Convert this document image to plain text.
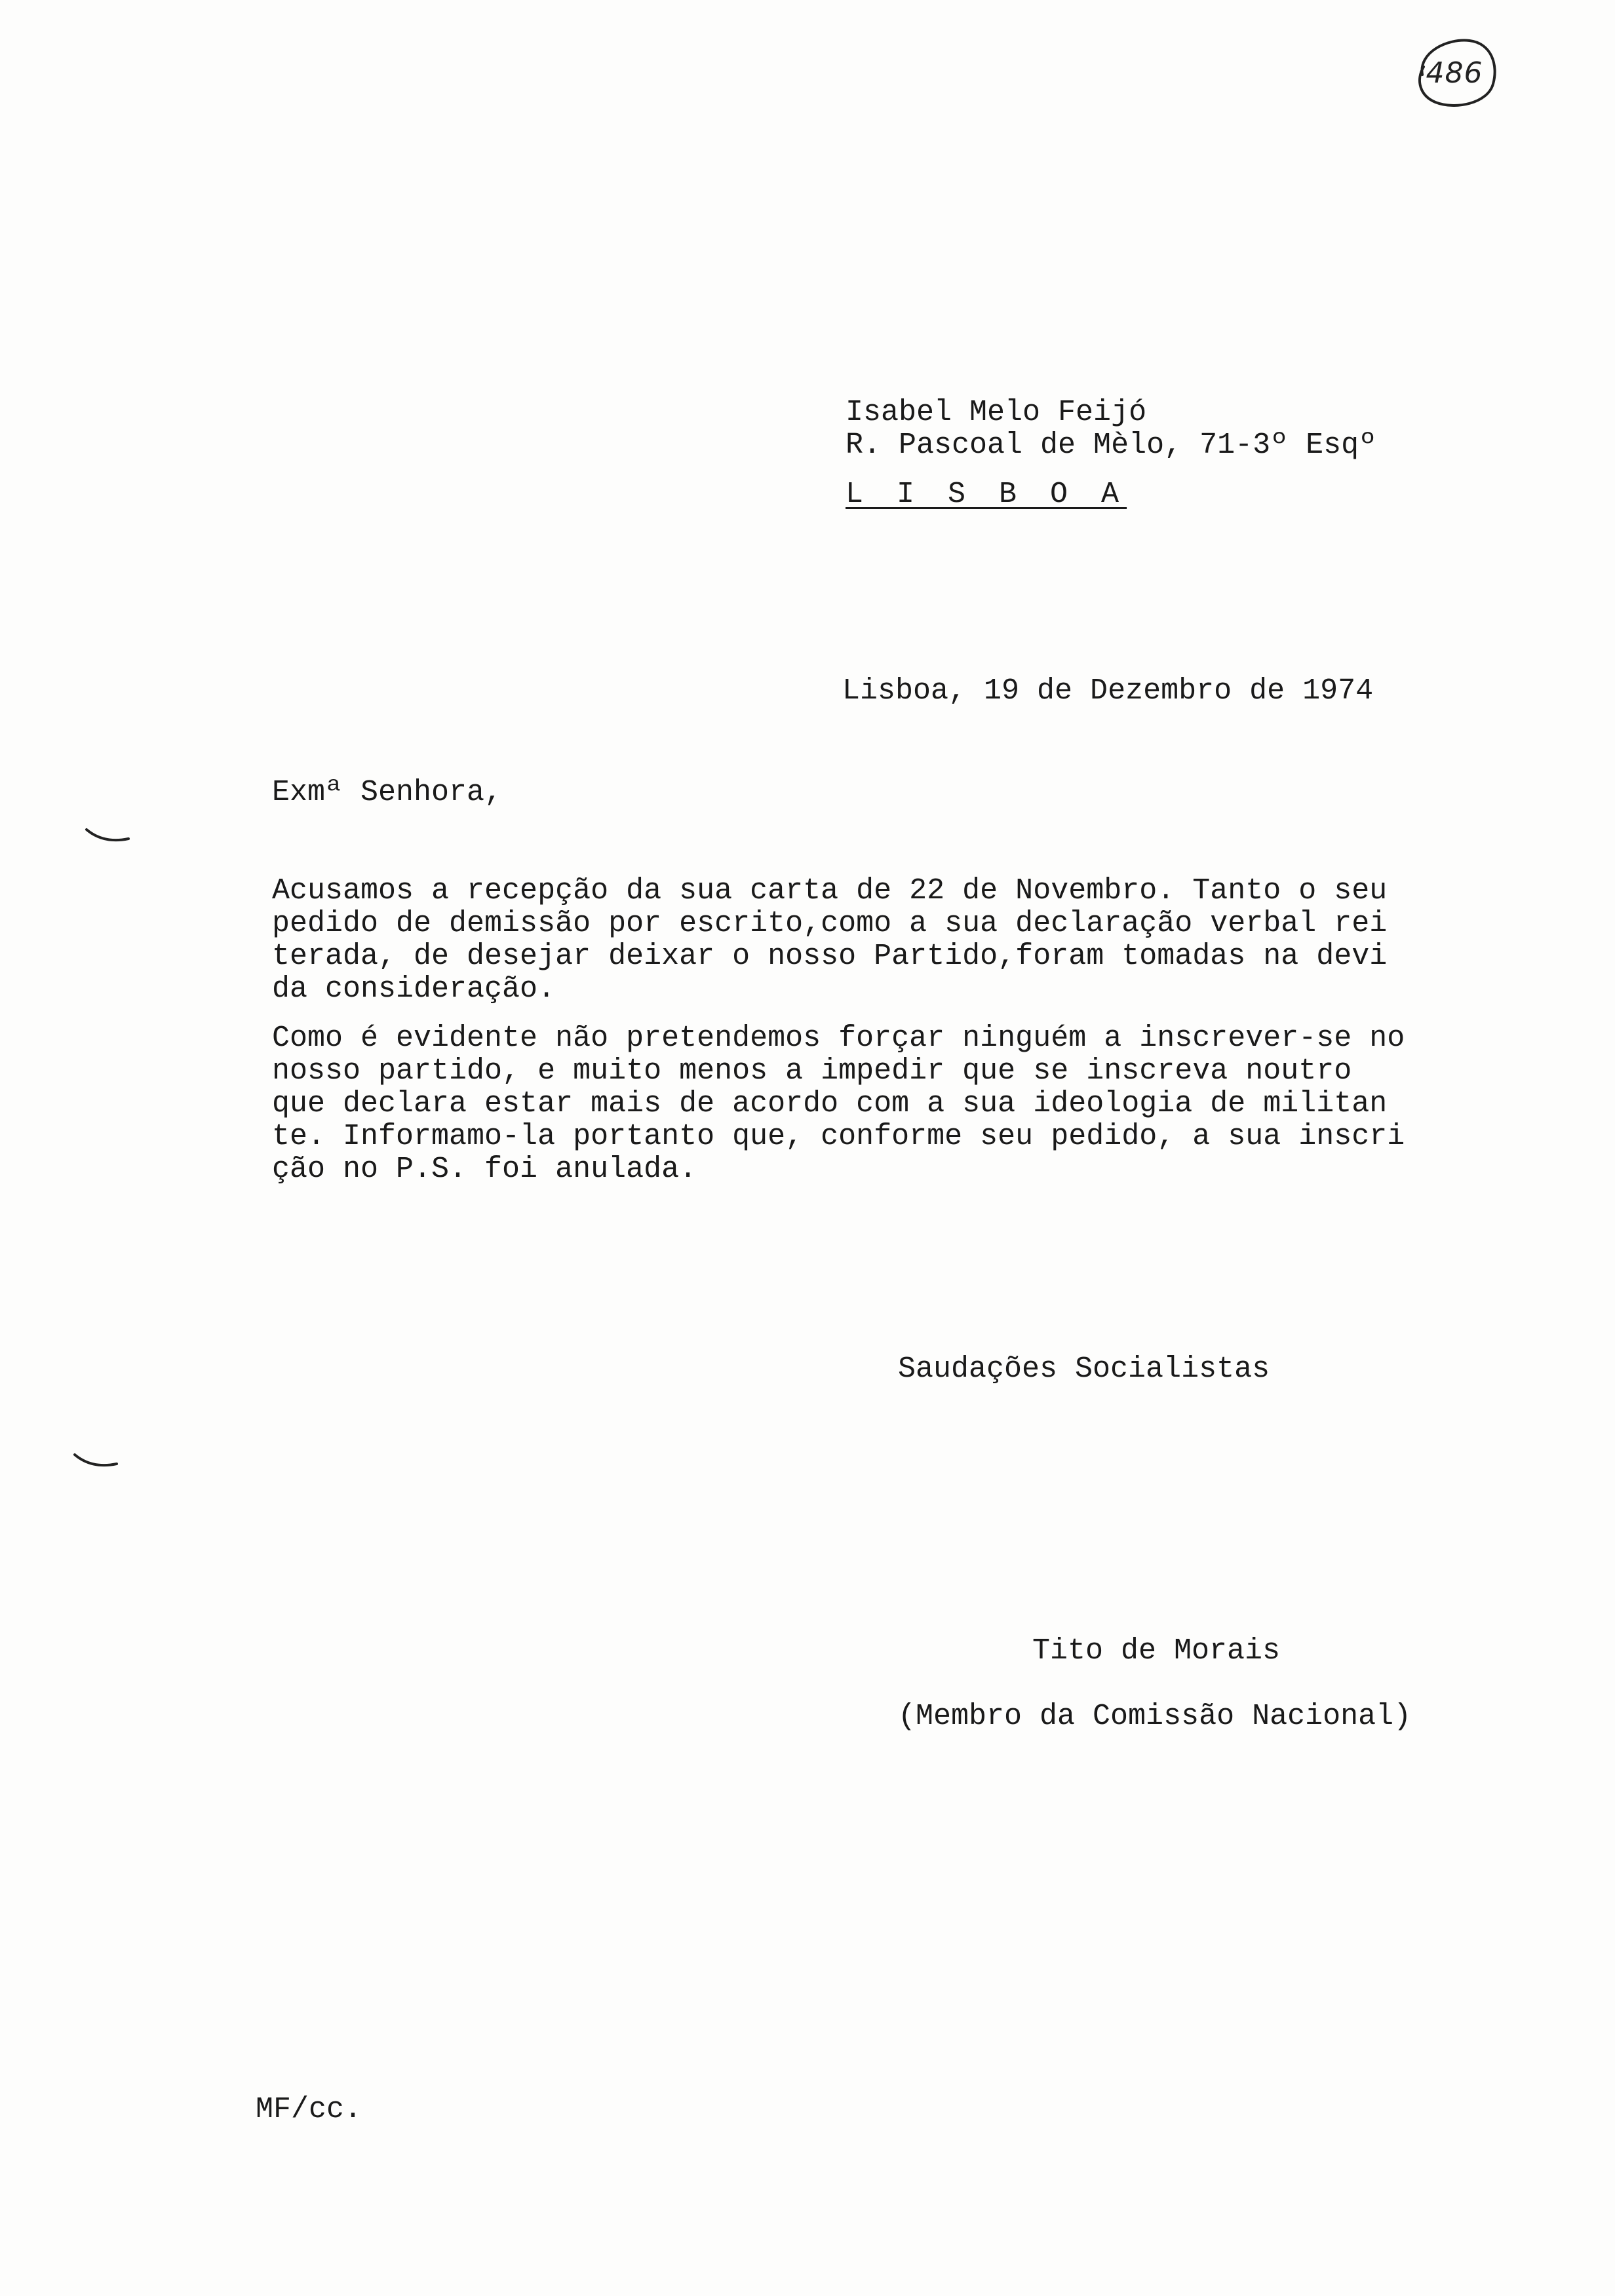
486
Isabel Melo Feijó
R. Pascoal de Mèlo, 71-3º Esqº
L I S B O A
Lisboa, 19 de Dezembro de 1974
Exmª Senhora,
Acusamos a recepção da sua carta de 22 de Novembro. Tanto o seu
pedido de demissão por escrito,como a sua declaração verbal rei
terada, de desejar deixar o nosso Partido,foram tomadas na devi
da consideração.
Como é evidente não pretendemos forçar ninguém a inscrever-se no
nosso partido, e muito menos a impedir que se inscreva noutro
que declara estar mais de acordo com a sua ideologia de militan
te. Informamo-la portanto que, conforme seu pedido, a sua inscri
ção no P.S. foi anulada.
Saudações Socialistas
Tito de Morais
(Membro da Comissão Nacional)
MF/cc.
